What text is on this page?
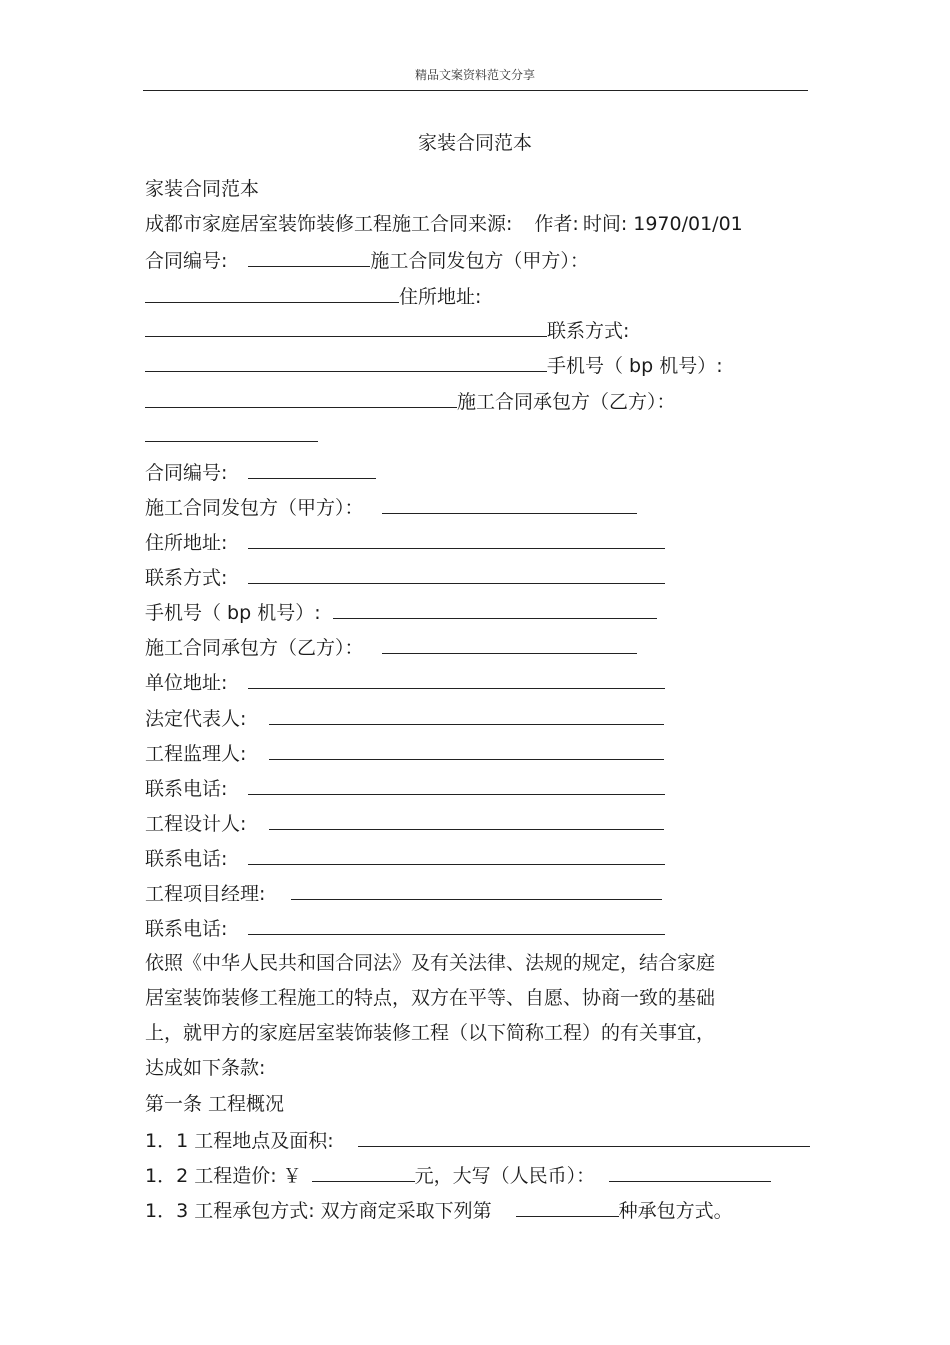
精品文案资料范文分享
家装合同范本
家装合同范本
成都市家庭居室装饰装修工程施工合同来源: 作者: 时间: 1970/01/01
合同编号:	施工合同发包方（甲方）：
住所地址:
联系方式:
手机号（ bp 机号）:
施工合同承包方（乙方）：
合同编号:
施工合同发包方（甲方）：
住所地址:
联系方式:
手机号（ bp 机号）:
施工合同承包方（乙方）：
单位地址:
法定代表人:
工程监理人:
联系电话:
工程设计人:
联系电话:
工程项目经理:
联系电话:
依照《中华人民共和国合同法》及有关法律、法规的规定，结合家庭
居室装饰装修工程施工的特点，双方在平等、自愿、协商一致的基础
上，就甲方的家庭居室装饰装修工程（以下简称工程）的有关事宜，
达成如下条款:
第一条 工程概况
1．1 工程地点及面积:
1．2 工程造价: ￥	元，大写（人民币）：
1．3 工程承包方式: 双方商定采取下列第	种承包方式。
